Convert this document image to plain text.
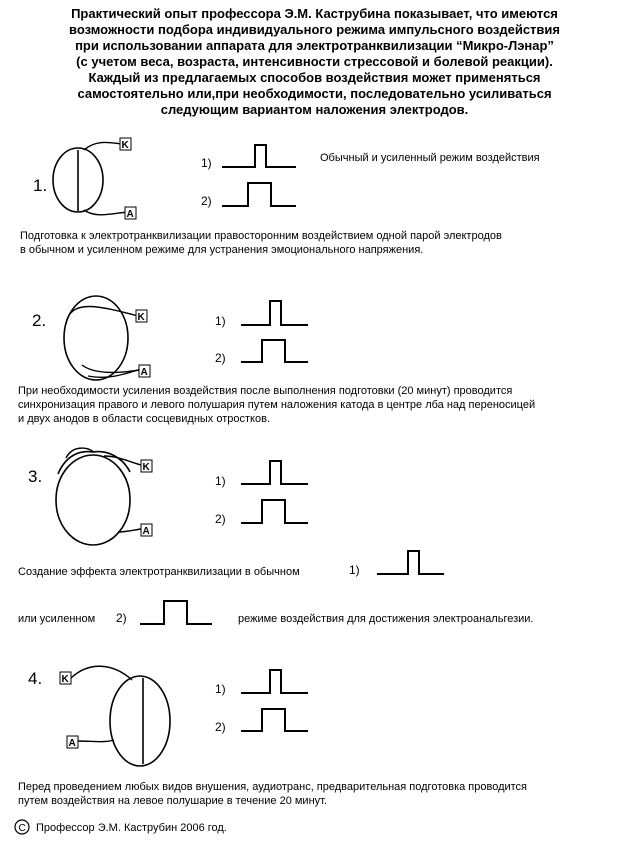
Практический опыт профессора Э.М. Каструбина показывает, что имеются
возможности подбора индивидуального режима импульсного воздействия
при использовании аппарата для электротранквилизации “Микро-Лэнар”
(с учетом веса, возраста, интенсивности стрессовой и болевой реакции).
Каждый из предлагаемых способов воздействия может применяться
самостоятельно или,при необходимости, последовательно усиливаться
следующим вариантом наложения электродов.
K
A
K
A
K
A
K
A
C
1.
1)
2)
Обычный и усиленный режим воздействия
Подготовка к электротранквилизации правосторонним воздействием одной парой электродов
в обычном и усиленном режиме для устранения эмоционального напряжения.
2.	1)
2)
При необходимости усиления воздействия после выполнения подготовки (20 минут) проводится
синхронизация правого и левого полушария путем наложения катода в центре лба над переносицей
и двух анодов в области сосцевидных отростков.
3.	1)
2)
Создание эффекта электротранквилизации в обычном	1)
или усиленном 2)	режиме воздействия для достижения электроанальгезии.
4.
1)
2)
Перед проведением любых видов внушения, аудиотранс, предварительная подготовка проводится
путем воздействия на левое полушарие в течение 20 минут.
Профессор Э.М. Каструбин 2006 год.
